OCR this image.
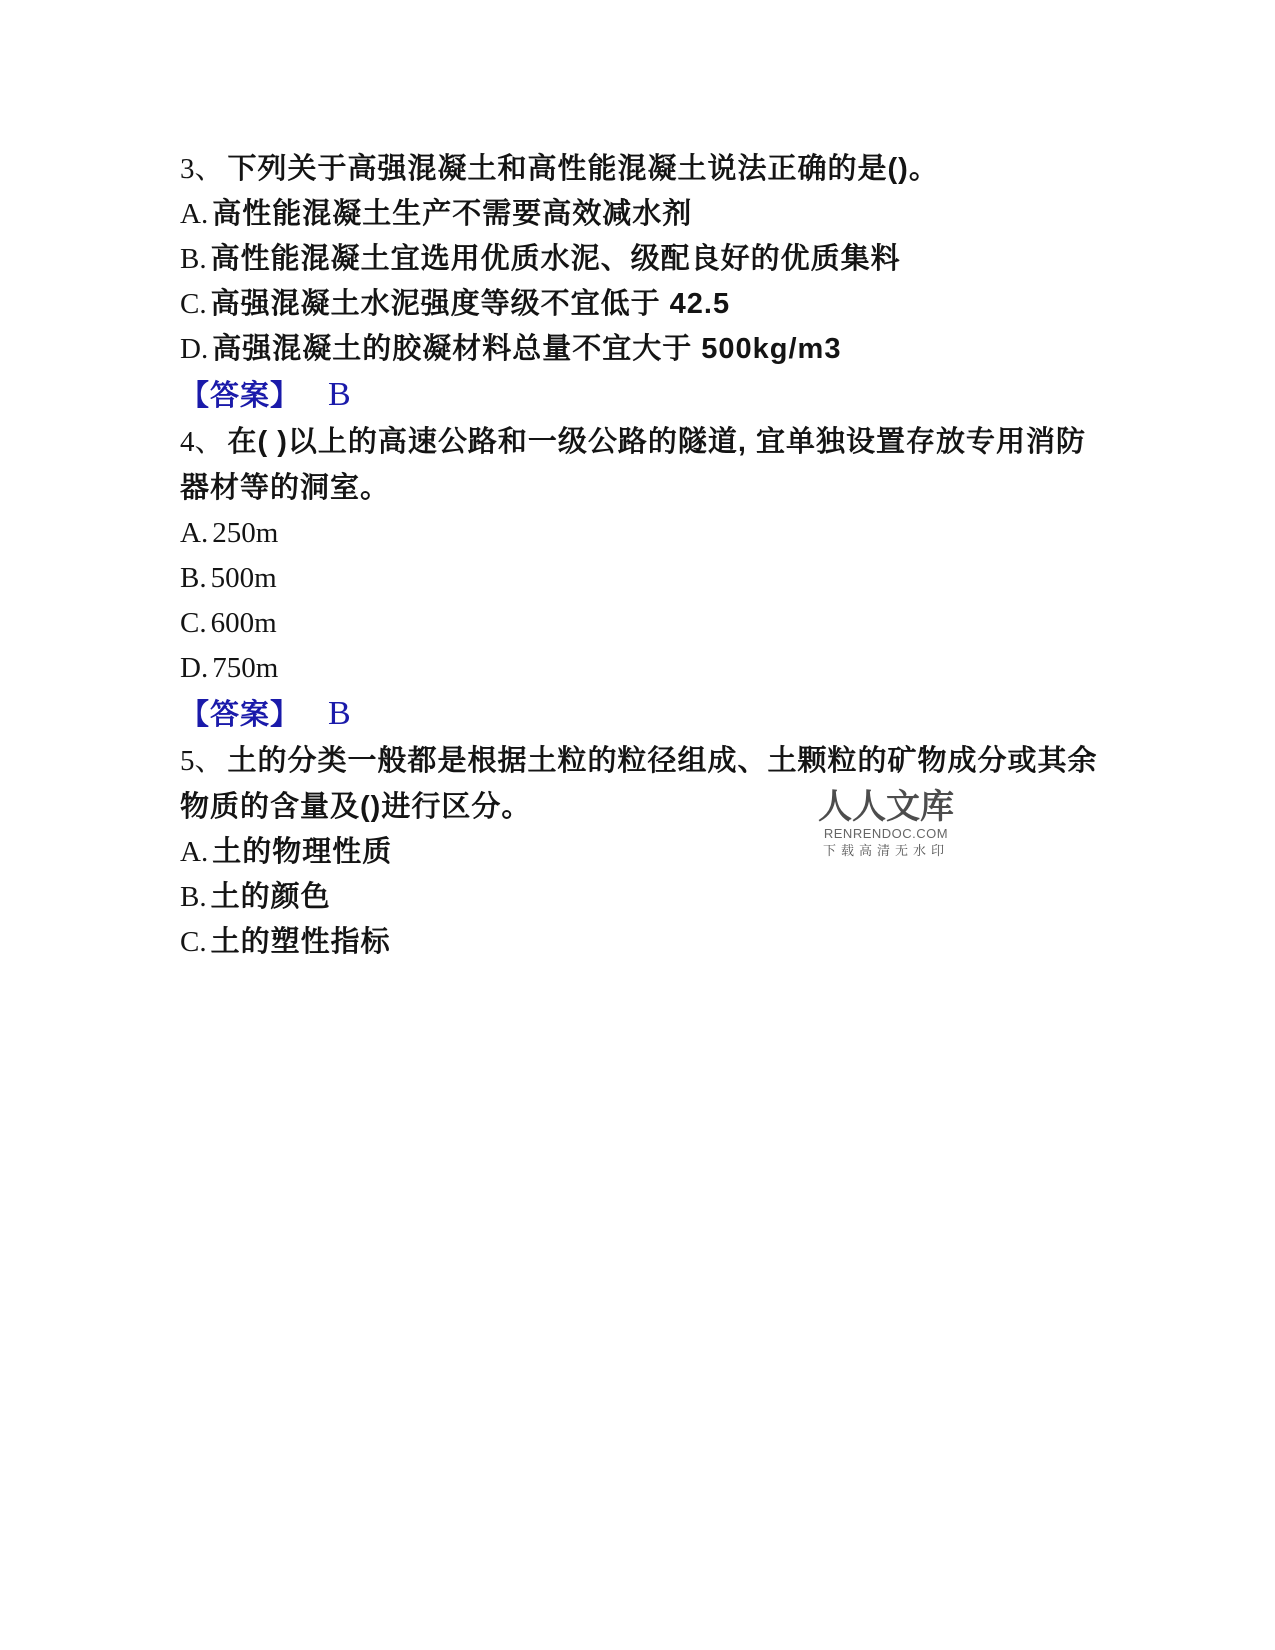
3、 下列关于高强混凝土和高性能混凝土说法正确的是()。

A. 高性能混凝土生产不需要高效减水剂

B. 高性能混凝土宜选用优质水泥、级配良好的优质集料

C. 高强混凝土水泥强度等级不宜低于 42.5

D. 高强混凝土的胶凝材料总量不宜大于 500kg/m3

【答案】 B

4、 在( )以上的高速公路和一级公路的隧道, 宜单独设置存放专用消防器材等的洞室。

A. 250m

B. 500m

C. 600m

D. 750m

【答案】 B

5、 土的分类一般都是根据土粒的粒径组成、土颗粒的矿物成分或其余物质的含量及()进行区分。

A. 土的物理性质

B. 土的颜色

C. 土的塑性指标

人人文库
RENRENDOC.COM
下载高清无水印
